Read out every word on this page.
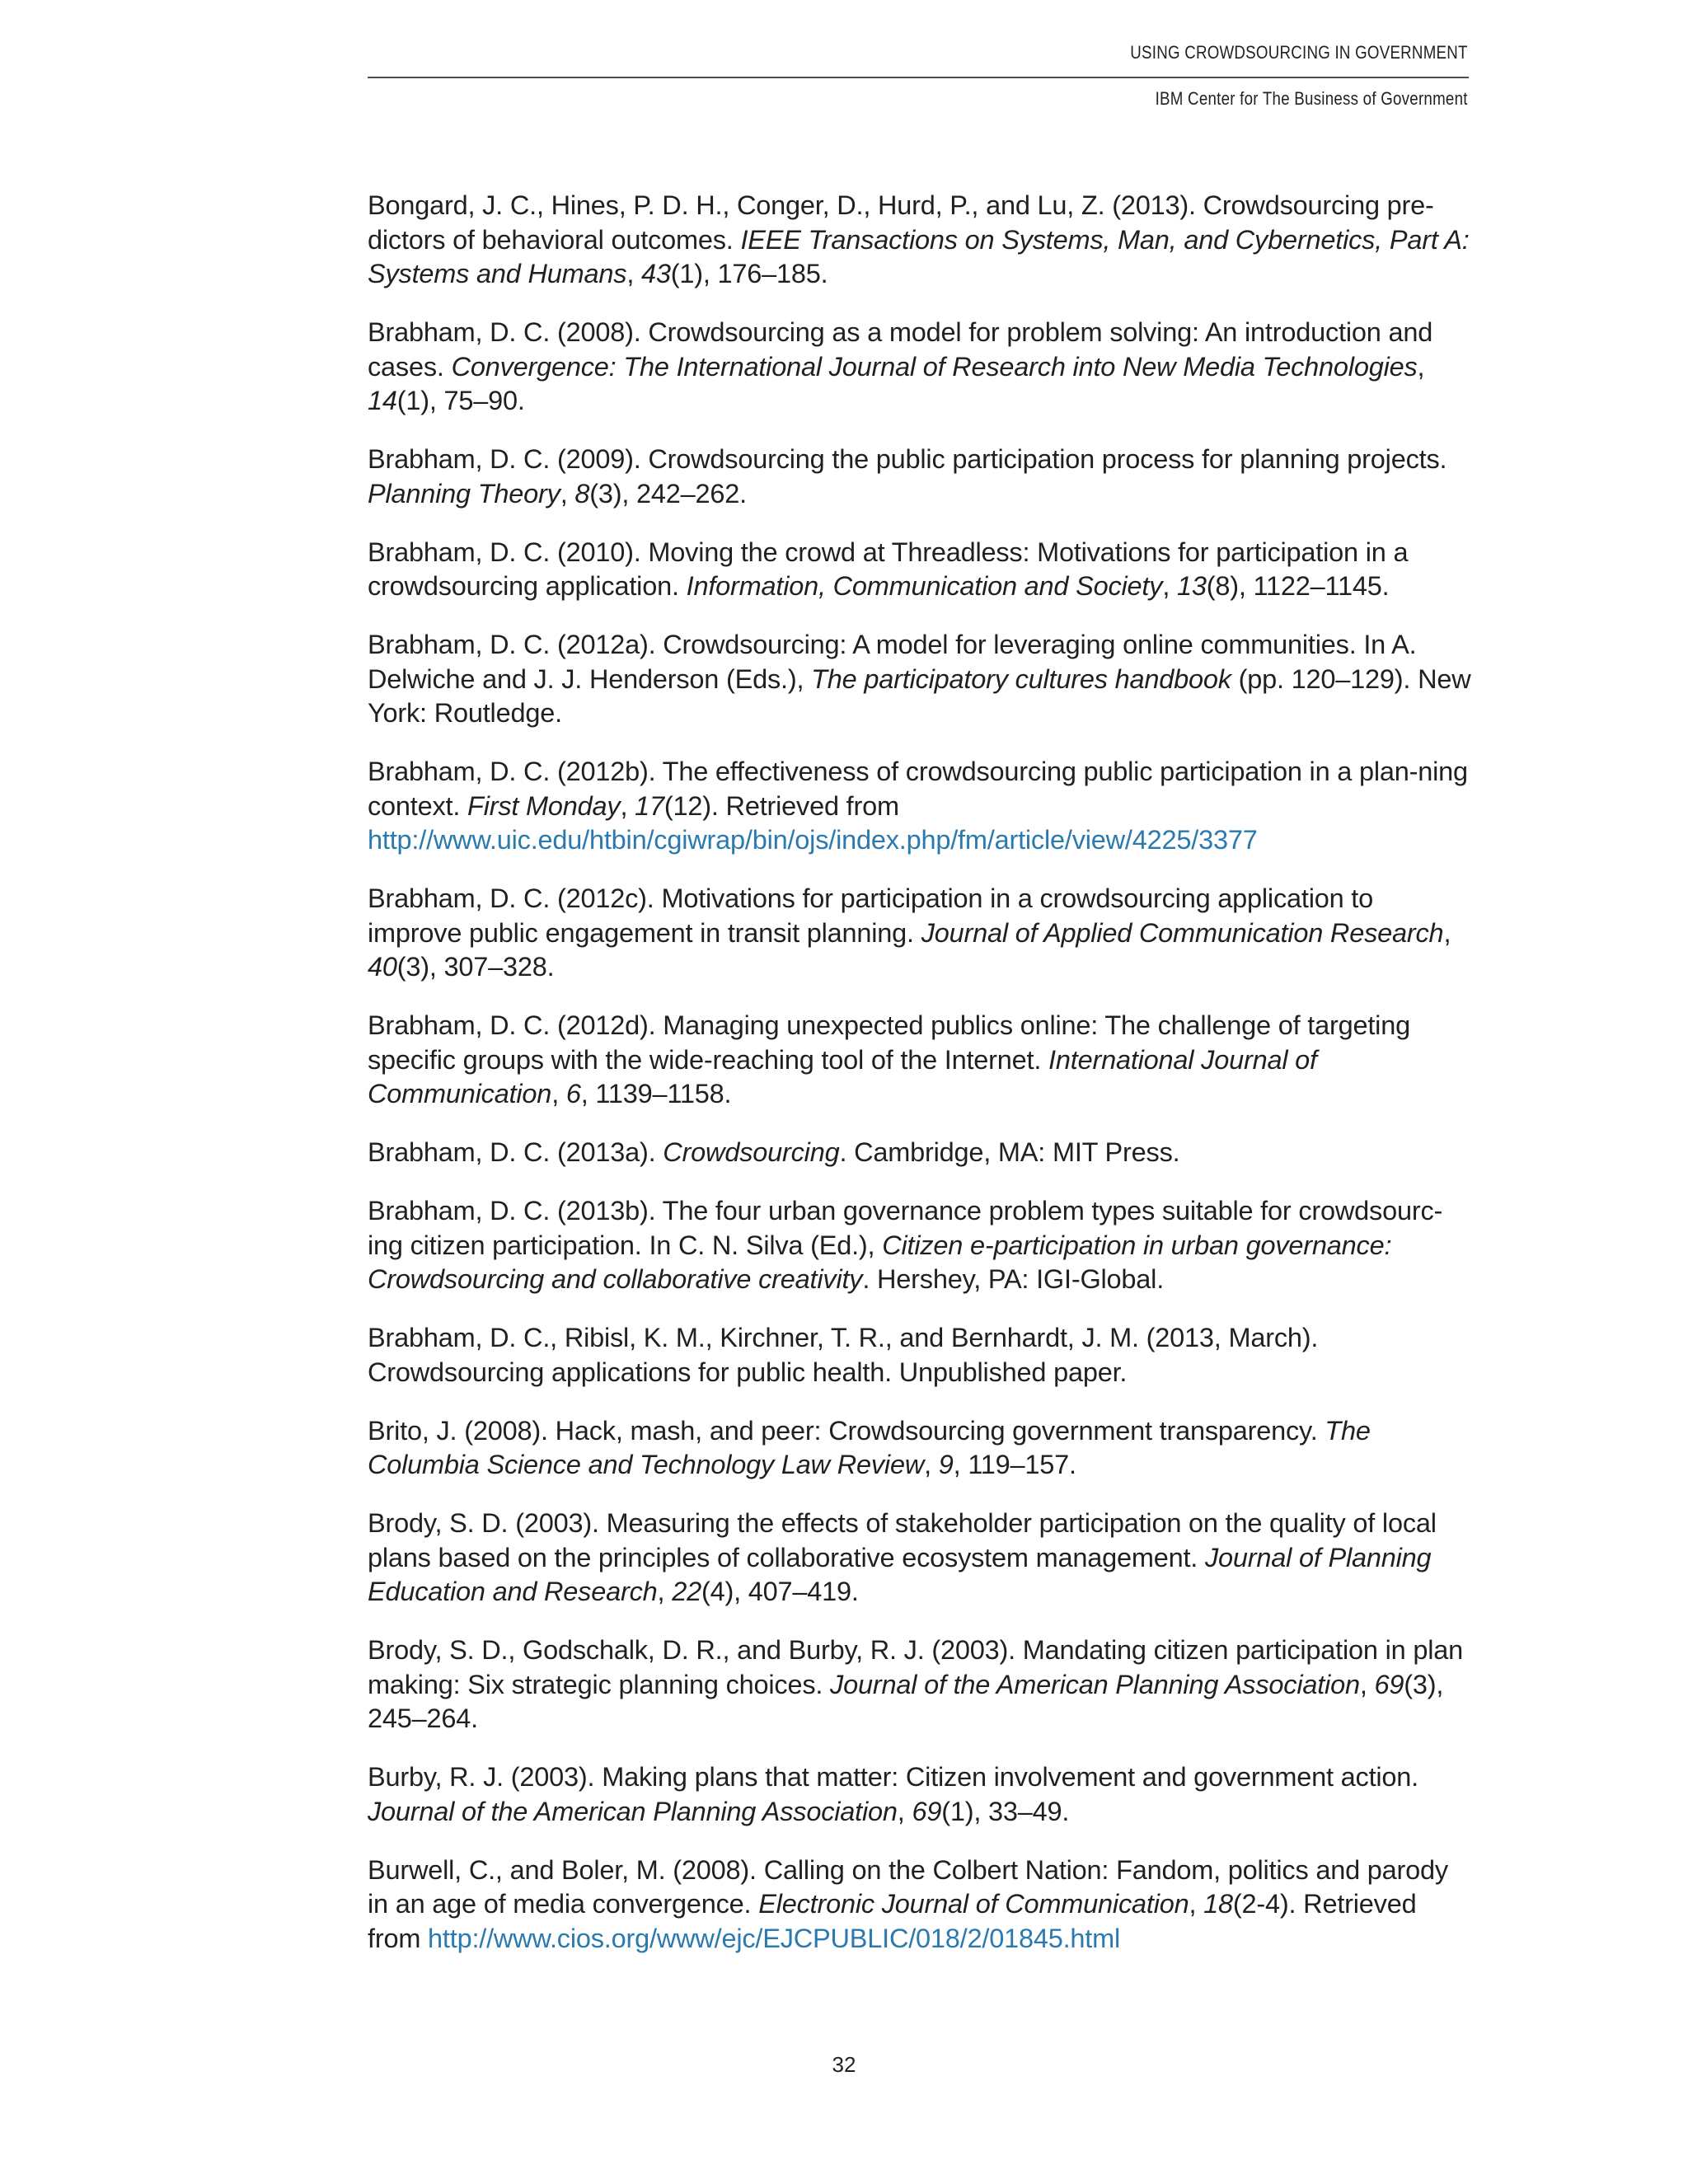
USING CROWDSOURCING IN GOVERNMENT
IBM Center for The Business of Government

Bongard, J. C., Hines, P. D. H., Conger, D., Hurd, P., and Lu, Z. (2013). Crowdsourcing pre-dictors of behavioral outcomes. IEEE Transactions on Systems, Man, and Cybernetics, Part A: Systems and Humans, 43(1), 176–185.

Brabham, D. C. (2008). Crowdsourcing as a model for problem solving: An introduction and cases. Convergence: The International Journal of Research into New Media Technologies, 14(1), 75–90.

Brabham, D. C. (2009). Crowdsourcing the public participation process for planning projects. Planning Theory, 8(3), 242–262.

Brabham, D. C. (2010). Moving the crowd at Threadless: Motivations for participation in a crowdsourcing application. Information, Communication and Society, 13(8), 1122–1145.

Brabham, D. C. (2012a). Crowdsourcing: A model for leveraging online communities. In A. Delwiche and J. J. Henderson (Eds.), The participatory cultures handbook (pp. 120–129). New York: Routledge.

Brabham, D. C. (2012b). The effectiveness of crowdsourcing public participation in a plan-ning context. First Monday, 17(12). Retrieved from http://www.uic.edu/htbin/cgiwrap/bin/ojs/index.php/fm/article/view/4225/3377

Brabham, D. C. (2012c). Motivations for participation in a crowdsourcing application to improve public engagement in transit planning. Journal of Applied Communication Research, 40(3), 307–328.

Brabham, D. C. (2012d). Managing unexpected publics online: The challenge of targeting specific groups with the wide-reaching tool of the Internet. International Journal of Communication, 6, 1139–1158.

Brabham, D. C. (2013a). Crowdsourcing. Cambridge, MA: MIT Press.

Brabham, D. C. (2013b). The four urban governance problem types suitable for crowdsourc-ing citizen participation. In C. N. Silva (Ed.), Citizen e-participation in urban governance: Crowdsourcing and collaborative creativity. Hershey, PA: IGI-Global.

Brabham, D. C., Ribisl, K. M., Kirchner, T. R., and Bernhardt, J. M. (2013, March). Crowdsourcing applications for public health. Unpublished paper.

Brito, J. (2008). Hack, mash, and peer: Crowdsourcing government transparency. The Columbia Science and Technology Law Review, 9, 119–157.

Brody, S. D. (2003). Measuring the effects of stakeholder participation on the quality of local plans based on the principles of collaborative ecosystem management. Journal of Planning Education and Research, 22(4), 407–419.

Brody, S. D., Godschalk, D. R., and Burby, R. J. (2003). Mandating citizen participation in plan making: Six strategic planning choices. Journal of the American Planning Association, 69(3), 245–264.

Burby, R. J. (2003). Making plans that matter: Citizen involvement and government action. Journal of the American Planning Association, 69(1), 33–49.

Burwell, C., and Boler, M. (2008). Calling on the Colbert Nation: Fandom, politics and parody in an age of media convergence. Electronic Journal of Communication, 18(2-4). Retrieved from http://www.cios.org/www/ejc/EJCPUBLIC/018/2/01845.html

32
